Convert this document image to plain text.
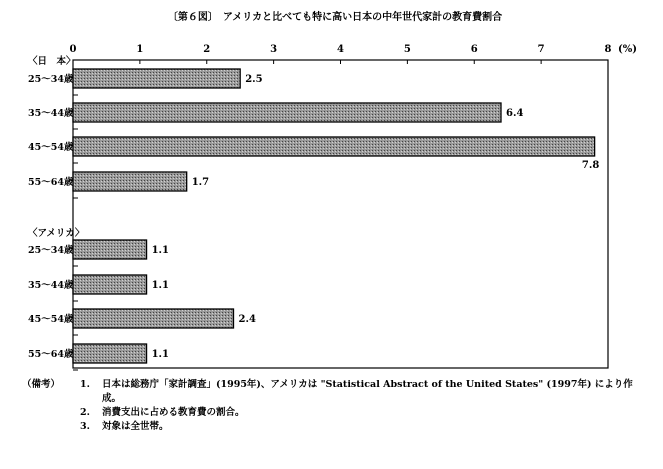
〔第６図〕　アメリカと比べても特に高い日本の中年世代家計の教育費割合
0	1	2	3	4	5	6	7	8 (%)
〈日　本〉
25〜34歳	2.5
35〜44歳	6.4
45〜54歳
7.8
55〜64歳	1.7
〈アメリカ〉
25〜34歳	1.1
35〜44歳	1.1
45〜54歳	2.4
55〜64歳	1.1
（備考）	1.	日本は総務庁「家計調査」(1995年)、アメリカは "Statistical Abstract of the United States" (1997年) により作
成。
2.	消費支出に占める教育費の割合。
3.	対象は全世帯。
